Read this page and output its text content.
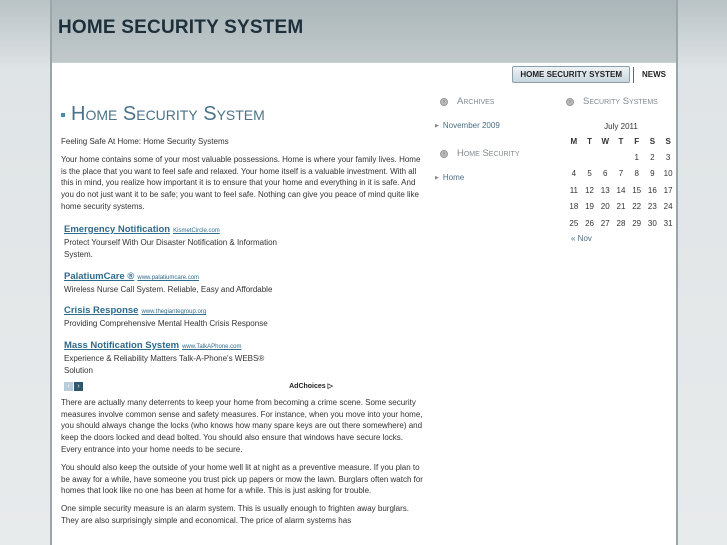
HOME SECURITY SYSTEM
HOME SECURITY SYSTEM	NEWS
Home Security System

Feeling Safe At Home: Home Security Systems

Your home contains some of your most valuable possessions. Home is where your family lives. Home is the place that you want to feel safe and relaxed. Your home itself is a valuable investment. With all this in mind, you realize how important it is to ensure that your home and everything in it is safe. And you do not just want it to be safe; you want to feel safe. Nothing can give you peace of mind quite like home security systems.

Emergency Notification KismetCircle.com
Protect Yourself With Our Disaster Notification & Information System.
PalatiumCare ® www.palatiumcare.com
Wireless Nurse Call System. Reliable, Easy and Affordable
Crisis Response www.thegiantegroup.org
Providing Comprehensive Mental Health Crisis Response
Mass Notification System www.TalkAPhone.com
Experience & Reliability Matters Talk-A-Phone's WEBS® Solution
‹	›	AdChoices ▷

There are actually many deterrents to keep your home from becoming a crime scene. Some security measures involve common sense and safety measures. For instance, when you move into your home, you should always change the locks (who knows how many spare keys are out there somewhere) and keep the doors locked and dead bolted. You should also ensure that windows have secure locks. Every entrance into your home needs to be secure.

You should also keep the outside of your home well lit at night as a preventive measure. If you plan to be away for a while, have someone you trust pick up papers or mow the lawn. Burglars often watch for homes that look like no one has been at home for a while. This is just asking for trouble.

One simple security measure is an alarm system. This is usually enough to frighten away burglars. They are also surprisingly simple and economical. The price of alarm systems has

›	Archives
▶ November 2009
›	Home Security
▶ Home
›	Security Systems
July 2011
M	T	W	T	F	S	S
				1	2	3
4	5	6	7	8	9	10
11	12	13	14	15	16	17
18	19	20	21	22	23	24
25	26	27	28	29	30	31
« Nov
